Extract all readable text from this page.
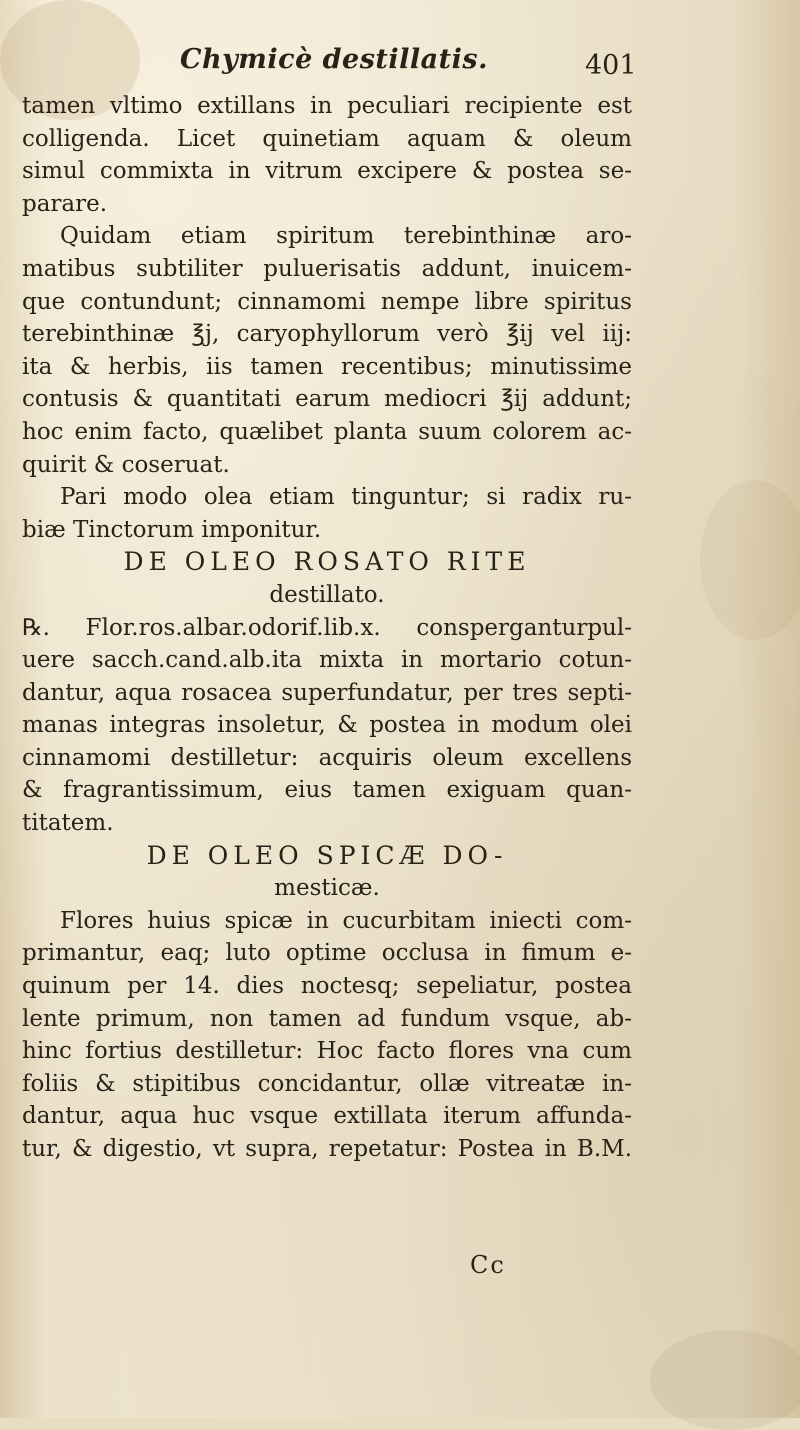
Chymicè destillatis.	401
tamen vltimo extillans in peculiari recipiente est
colligenda. Licet quinetiam aquam & oleum
simul commixta in vitrum excipere & postea se-
parare.
Quidam etiam spiritum terebinthinæ aro-
matibus subtiliter puluerisatis addunt, inuicem-
que contundunt; cinnamomi nempe libre spiritus
terebinthinæ ℥j, caryophyllorum verò ℥ij vel iij:
ita & herbis, iis tamen recentibus; minutissime
contusis & quantitati earum mediocri ℥ij addunt;
hoc enim facto, quælibet planta suum colorem ac-
quirit & coseruat.
Pari modo olea etiam tinguntur; si radix ru-
biæ Tinctorum imponitur.
DE OLEO ROSATO RITE
destillato.
℞. Flor.ros.albar.odorif.lib.x. consperganturpul-
uere sacch.cand.alb.ita mixta in mortario cotun-
dantur, aqua rosacea superfundatur, per tres septi-
manas integras insoletur, & postea in modum olei
cinnamomi destilletur: acquiris oleum excellens
& fragrantissimum, eius tamen exiguam quan-
titatem.
DE OLEO SPICÆ DO-
mesticæ.
Flores huius spicæ in cucurbitam iniecti com-
primantur, eaq; luto optime occlusa in fimum e-
quinum per 14. dies noctesq; sepeliatur, postea
lente primum, non tamen ad fundum vsque, ab-
hinc fortius destilletur: Hoc facto flores vna cum
foliis & stipitibus concidantur, ollæ vitreatæ in-
dantur, aqua huc vsque extillata iterum affunda-
tur, & digestio, vt supra, repetatur: Postea in B.M.
Cc
